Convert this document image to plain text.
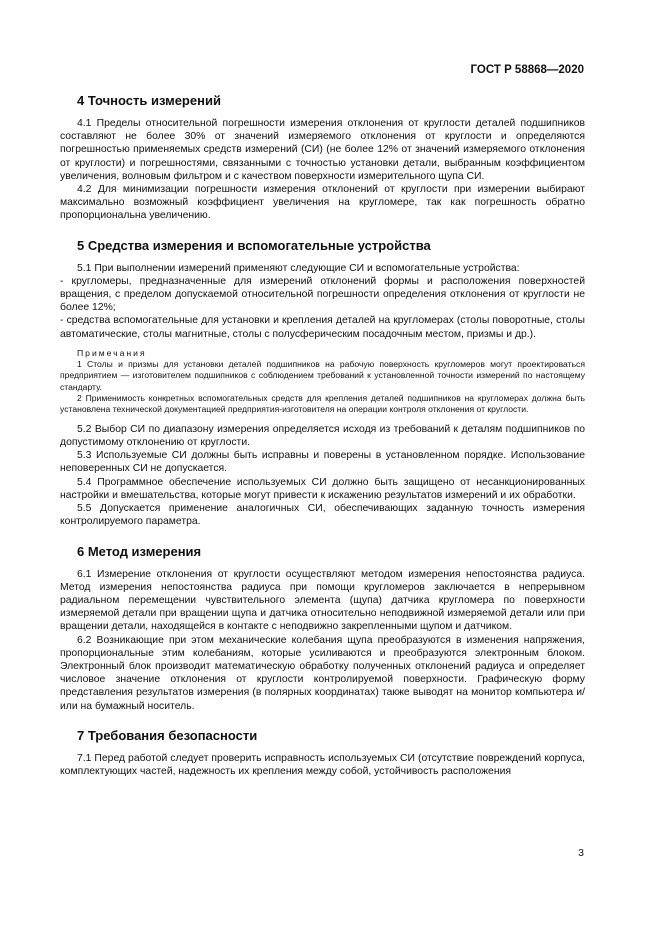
ГОСТ Р 58868—2020
4 Точность измерений

4.1 Пределы относительной погрешности измерения отклонения от круглости деталей подшипников составляют не более 30% от значений измеряемого отклонения от круглости и определяются погрешностью применяемых средств измерений (СИ) (не более 12% от значений измеряемого отклонения от круглости) и погрешностями, связанными с точностью установки детали, выбранным коэффициентом увеличения, волновым фильтром и с качеством поверхности измерительного щупа СИ.

4.2 Для минимизации погрешности измерения отклонений от круглости при измерении выбирают максимально возможный коэффициент увеличения на кругломере, так как погрешность обратно пропорциональна увеличению.

5 Средства измерения и вспомогательные устройства

5.1 При выполнении измерений применяют следующие СИ и вспомогательные устройства:

- кругломеры, предназначенные для измерений отклонений формы и расположения поверхностей вращения, с пределом допускаемой относительной погрешности определения отклонения от круглости не более 12%;

- средства вспомогательные для установки и крепления деталей на кругломерах (столы поворотные, столы автоматические, столы магнитные, столы с полусферическим посадочным местом, призмы и др.).

Примечания

1 Столы и призмы для установки деталей подшипников на рабочую поверхность кругломеров могут проектироваться предприятием — изготовителем подшипников с соблюдением требований к установленной точности измерений по настоящему стандарту.

2 Применимость конкретных вспомогательных средств для крепления деталей подшипников на кругломерах должна быть установлена технической документацией предприятия-изготовителя на операции контроля отклонения от круглости.

5.2 Выбор СИ по диапазону измерения определяется исходя из требований к деталям подшипников по допустимому отклонению от круглости.

5.3 Используемые СИ должны быть исправны и поверены в установленном порядке. Использование неповеренных СИ не допускается.

5.4 Программное обеспечение используемых СИ должно быть защищено от несанкционированных настройки и вмешательства, которые могут привести к искажению результатов измерений и их обработки.

5.5 Допускается применение аналогичных СИ, обеспечивающих заданную точность измерения контролируемого параметра.

6 Метод измерения

6.1 Измерение отклонения от круглости осуществляют методом измерения непостоянства радиуса. Метод измерения непостоянства радиуса при помощи кругломеров заключается в непрерывном радиальном перемещении чувствительного элемента (щупа) датчика кругломера по поверхности измеряемой детали при вращении щупа и датчика относительно неподвижной измеряемой детали или при вращении детали, находящейся в контакте с неподвижно закрепленными щупом и датчиком.

6.2 Возникающие при этом механические колебания щупа преобразуются в изменения напряжения, пропорциональные этим колебаниям, которые усиливаются и преобразуются электронным блоком. Электронный блок производит математическую обработку полученных отклонений радиуса и определяет числовое значение отклонения от круглости контролируемой поверхности. Графическую форму представления результатов измерения (в полярных координатах) также выводят на монитор компьютера и/или на бумажный носитель.

7 Требования безопасности

7.1 Перед работой следует проверить исправность используемых СИ (отсутствие повреждений корпуса, комплектующих частей, надежность их крепления между собой, устойчивость расположения

3
